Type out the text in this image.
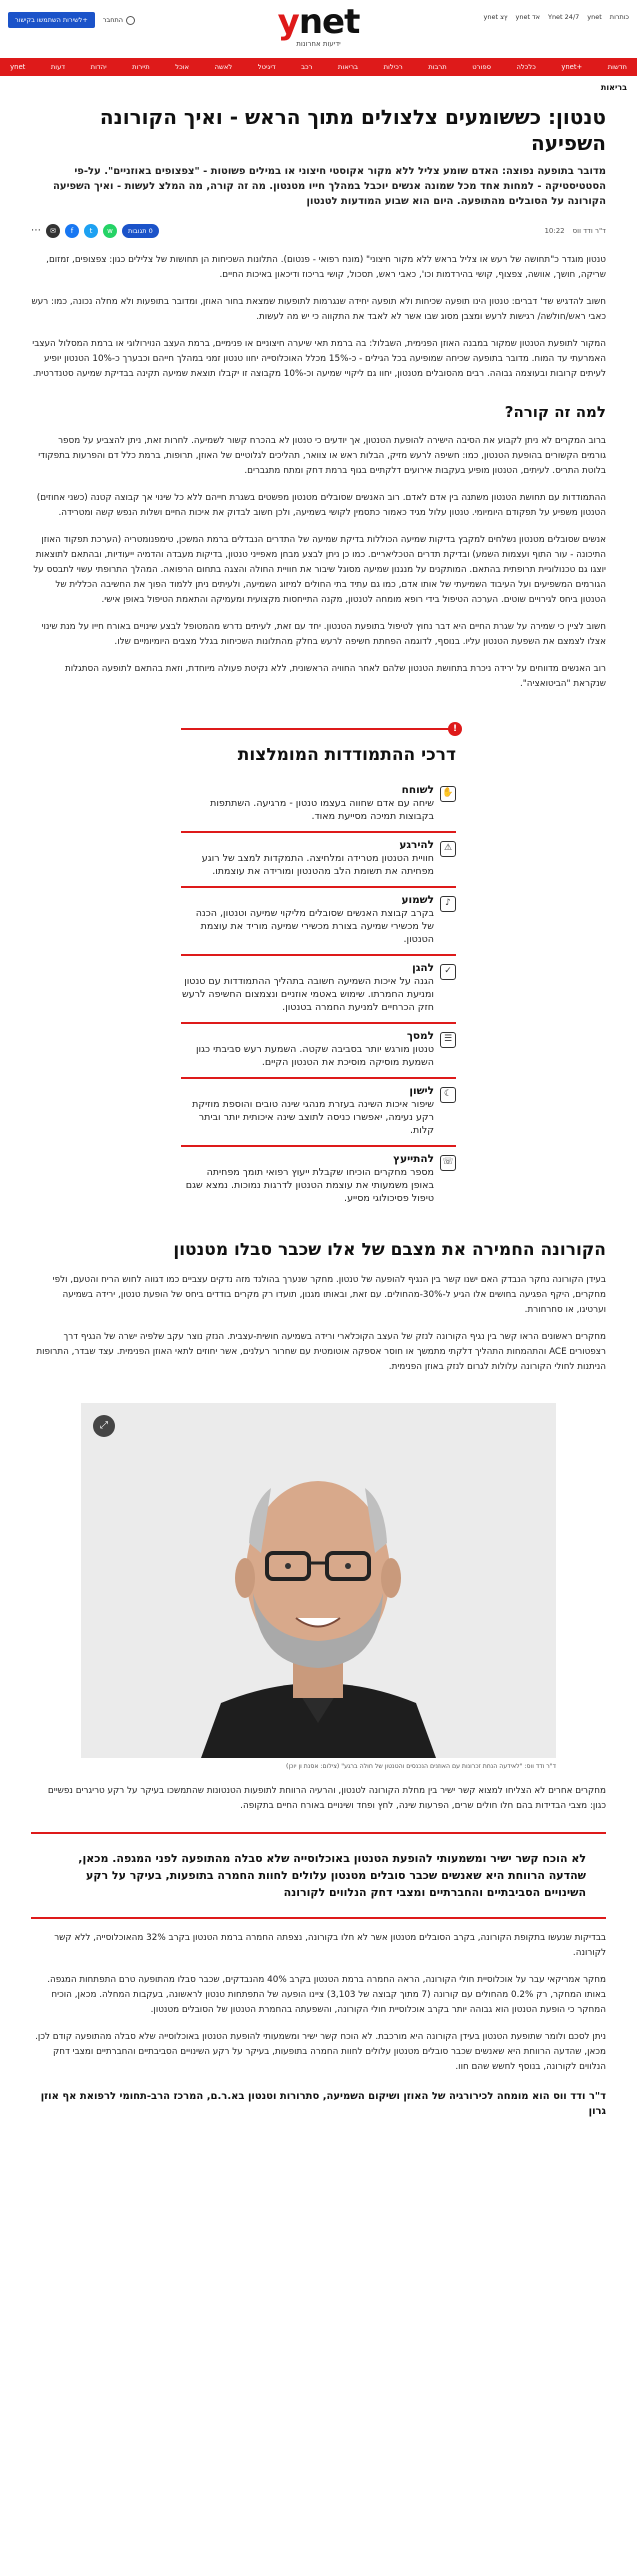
כותרות
ynet
Ynet 24/7
אד ynet
ץצ ynet
ynet
ידיעות אחרונות
התחבר
+לשירות השתמשו בקישור
חדשות
+ynet
כלכלה
ספורט
תרבות
רכילות
בריאות
רכב
דיגיטל
לאשה
אוכל
תיירות
יהדות
דעות
ynet
בריאות
טנטון: כששומעים צלצולים מתוך הראש - ואיך הקורונה השפיעה

מדובר בתופעה נפוצה: האדם שומע צליל ללא מקור אקוסטי חיצוני או במילים פשוטות - "צפצופים באוזניים". על-פי הסטטיסטיקה - למחות אחד מכל שמונה אנשים יוכבל במהלך חייו מטנטון. מה זה קורה, מה המלצ לעשות - ואיך השפיעה הקורונה על הסובלים מהתופעה. היום הוא שבוע המודעות לטנטון

ד"ר ודד ווס
10:22
0 תגובות
w
t
f
✉
⋯

טנטון מוגדר כ"תחושה של רעש או צליל בראש ללא מקור חיצוני" (מונח רפואי - פנטום). התלונות השכיחות הן תחושות של צלילים כגון: צפצופים, זמזום, שריקה, חושך, אוושה, צפצוף, קושי בהירדמות וכו', כאבי ראש, תסכול, קושי בריכוז ודיכאון באיכות החיים.

חשוב להדגיש שד' דברים: טנטון הינו תופעה שכיחות ולא תופעה יחידה שנגרמות לתופעות שמצאת בחור האוזן, ומדובר בתופעות ולא מחלה נכונה, כמו: רעש כאבי ראש/חולשה/ רגישות לרעש ומצבן מסוג שבו אשר לא לאבד את התקווה כי יש מה לעשות.

המקור לתופעת הטנטון שמקור במבנה האוזן הפנימית, השבלול: בה ברמת תאי שיערה חיצוניים או פנימיים, ברמת העצב הנוירולוגי או ברמת המסלול העצבי האמרעתי עד המוח. מדובר בתופעה שכיחה שמופיעה בכל הגילים - כ-15% מכלל האוכלוסייה יחוו טנטון זמני במהלך חייהם וכבערך כ-10% הטנטון יופיע לעיתים קרובות ובעוצמה גבוהה. רבים מהסובלים מטנטון, יחוו גם ליקויי שמיעה וכ-10% מקבוצה זו יקבלו תוצאת שמיעה תקינה בבדיקת שמיעה סטנדרטית.

למה זה קורה?

ברוב המקרים לא ניתן לקבוע את הסיבה הישירה להופעת הטנטון, אך יודעים כי טנטון לא בהכרח קשור לשמיעה. לחרות זאת, ניתן להצביע על מספר גורמים הקשורים בהופעת הטנטון, כמו: חשיפה לרעש מזיק, הבלות ראש או צוואר, תהליכים לגלוטיים של האוזן, תרופות, ברמת כלל דם והפרעות בתפקודי בלוטת התריס. לעיתים, הטנטון מופיע בעקבות אירועים דלקתיים בגוף ברמת דחק ומתח מתגברים.

ההתמודדות עם תחושת הטנטון משתנה בין אדם לאדם. רוב האנשים שסובלים מטנטון מפשטים בשגרת חייהם ללא כל שינוי אך קבוצה קטנה (כשני אחוזים) הטנטון משפיע על תפקודם היומיומי. טנטון עלול מגיד כאמור כתסמין לקושי בשמיעה, ולכן חשוב לבדוק את איכות החיים ושלות הנפש קשה ומטרידה.

אנשים שסובלים מטנטון נשלחים למקבץ בדיקות שמיעה הכוללות בדיקת שמיעה של התדרים הנבדלים ברמת המשכן, טימפנומטריה (הערכת תפקוד האוזן התיכונה - עור התוף ועצמות השמע) ובדיקת תדרים הטכליאריים. כמו כן ניתן לבצע מבחן מאפייני טנטון, בדיקות מעבדה והדמיה ייעודיות, ובהתאם לתוצאות יוצגו גם טכנולוגיית תרופתית בהתאם. המותקנים על מנגנון שמיעה מסוגל שיבור את חוויית החולה והצגה בתחום הרפואה. המהלך התרופתי עשוי לתבסס על הגורמים המשפיעים ועל העיבוד השמיעתי של אותו אדם, כמו גם עתיד בתי החולים למיזוג השמיעה, ולעיתים ניתן ללמוד הפוך את החשיבה הכללית של הטנטון ביחס לגירויים שוטים. הערכה הטיפול בידי רופא מומחה לטנטון, מקנה התייחסות מקצועית ומעמיקה והתאמת הטיפול באופן אישי.

חשוב לציין כי שמירה על שגרת החיים היא דבר נחוץ לטיפול בתופעת הטנטון. יחד עם זאת, לעיתים נדרש מהמטופל לבצע שינויים באורח חייו על מנת שינוי אצלו לצמצם את השפעת הטנטון עליו. בנוסף, לדוגמה הפחתת חשיפה לרעש בחלק מהתלונות השכיחות בגלל מצבים היומיומיים שלו.

רוב האנשים מדווחים על ירידה ניכרת בתחושת הטנטון שלהם לאחר החוויה הראשונית, ללא נקיטת פעולה מיוחדת, וזאת בהתאם לתופעה הסתגלות שנקראת "הביטואציה".

!
דרכי ההתמודדות המומלצות
✋
לשוחח
שיחה עם אדם שחווה בעצמו טנטון - מרגיעה. השתתפות בקבוצות תמיכה מסייעת מאוד.
⚠
להירגע
חוויית הטנטון מטרידה ומלחיצה. התמקדות למצב של רוגע מפחיתה את תשומת הלב מהטנטון ומורידה את עוצמתו.
♪
לשמוע
בקרב קבוצת האנשים שסובלים מליקוי שמיעה וטנטון, הכנה של מכשירי שמיעה בצורת מכשירי שמיעה מוריד את עוצמת הטנטון.
✓
להגן
הגנה על איכות השמיעה חשובה בתהליך ההתמודדות עם טנטון ומניעת החמרתו. שימוש באטמי אוזניים ונצמצום החשיפה לרעש חזק הכרחיים למניעת החמרה בטנטון.
☰
למסך
טנטון מורגש יותר בסביבה שקטה. השמעת רעש סביבתי כגון השמעת מוסיקה מוסיכת את הטנטון הקיים.
☾
לישון
שיפור איכות השינה בעזרת מנהגי שינה טובים והוספת מוזיקת רקע נעימה, יאפשרו כניסה לתוצב שינה איכותית יותר וביתר קלות.
☏
להתייעץ
מספר מחקרים הוכיחו שקבלת ייעוץ רפואי תומך מפחיתה באופן משמעותי את עוצמת הטנטון לדרגות נמוכות. נמצא שגם טיפול פסיכולוגי מסייע.
הקורונה החמירה את מצבם של אלו שכבר סבלו מטנטון

בעידן הקורונה נחקר הנבדק האם ישנו קשר בין הנגיף להופעה של טנטון. מחקר שנערך בהולנד מזה נדקים עצביים כמו דגווה לחוש הריח והטעם, ולפי מחקרים, היקף הפגיעה בחושים אלו הגיע ל-30%-מהחולים. עם זאת, ובאותו מגנון, תועדו רק מקרים בודדים ביחס של הופעת טנטון, ירידה בשמיעה וערטיגו, או סחרחורת.

מחקרים ראשונים הראו קשר בין נגיף הקורונה לנזק של העצב הקוכלארי ורידה בשמיעה חושית-עצבית. הנזק נוצר עקב שלפיה ישרה של הנגיף דרך רצפטורים ACE והתהמחות התהליך דלקתי מתמשך או חוסר אספקה אוטומטית עם שחרור רעלנים, אשר יחוזים לתאי האוזן הפנימית. עצד שבדר, התרופות הניתנות לחולי הקורונה עלולות לגרום לנזק באוזן הפנימית.

⤢
ד"ר ודד ווס: "לאידעה הנחת זכרונות עם האוזנים הנכנסים והטנטון של חולה ברגע" (צילום: אסנת ון יוכן)

מחקרים אחרים לא הצליחו למצוא קשר ישיר בין מחלת הקורונה לטנטון, והרעיה הרווחת לתופעות הטנטונות שהתמשכו בעיקר על רקע טריגרים נפשיים כגון: מצבי הבדידות בהם חלו חולים שרים, הפרעות שינה, לחץ ופחד ושינויים באורח החיים בתקופה.

לא הוכח קשר ישיר ומשמעותי להופעת הטנטון באוכלוסייה שלא סבלה מהתופעה לפני המגפה. מכאן, שהדעה הרווחת היא שאנשים שכבר סובלים מטנטון עלולים לחוות החמרה בתופעות, בעיקר על רקע השינויים הסביבתיים והחברתיים ומצבי דחק הנלווים לקורונה

בבדיקות שנעשו בתקופת הקורונה, בקרב הסובלים מטנטון אשר לא חלו בקורונה, נצפתה החמרה ברמת הטנטון בקרב 32% מהאוכלוסייה, ללא קשר לקורונה.

מחקר אמריקאי עבר על אוכלוסיית חולי הקורונה, הראה החמרה ברמת הטנטון בקרב 40% מהנבדקים, שכבר סבלו מהתופעה טרם התפתחות המגפה. באותו המחקר, רק 0.2% מהחולים עם קורונה (7 מתוך קבוצה של 3,103) ציינו הופעה של התפתחות טנטון לראשונה, בעקבות המחלה. מכאן, הוכיח המחקר כי הופעת הטנטון הוא גבוהה יותר בקרב אוכלוסיית חולי הקורונה, והשפעתה בהחמרת הטנטון של הסובלים מטנטון.

ניתן לסכם ולומר שתופעת הטנטון בעידן הקורונה היא מורכבת. לא הוכח קשר ישיר ומשמעותי להופעת הטנטון באוכלוסייה שלא סבלה מהתופעה קודם לכן. מכאן, שהדעה הרווחת היא שאנשים שכבר סובלים מטנטון עלולים לחוות החמרה בתופעות, בעיקר על רקע השינויים הסביבתיים והחברתיים ומצבי דחק הנלווים לקורונה, בנוסף לחשש שהם חוו.

ד"ר ודד ווס הוא מומחה לכירורגיה של האוזן ושיקום השמיעה, סתרורות וטנטון בא.ר.ם, המרכז הרב-תחומי לרפואת אף אוזן גרון
